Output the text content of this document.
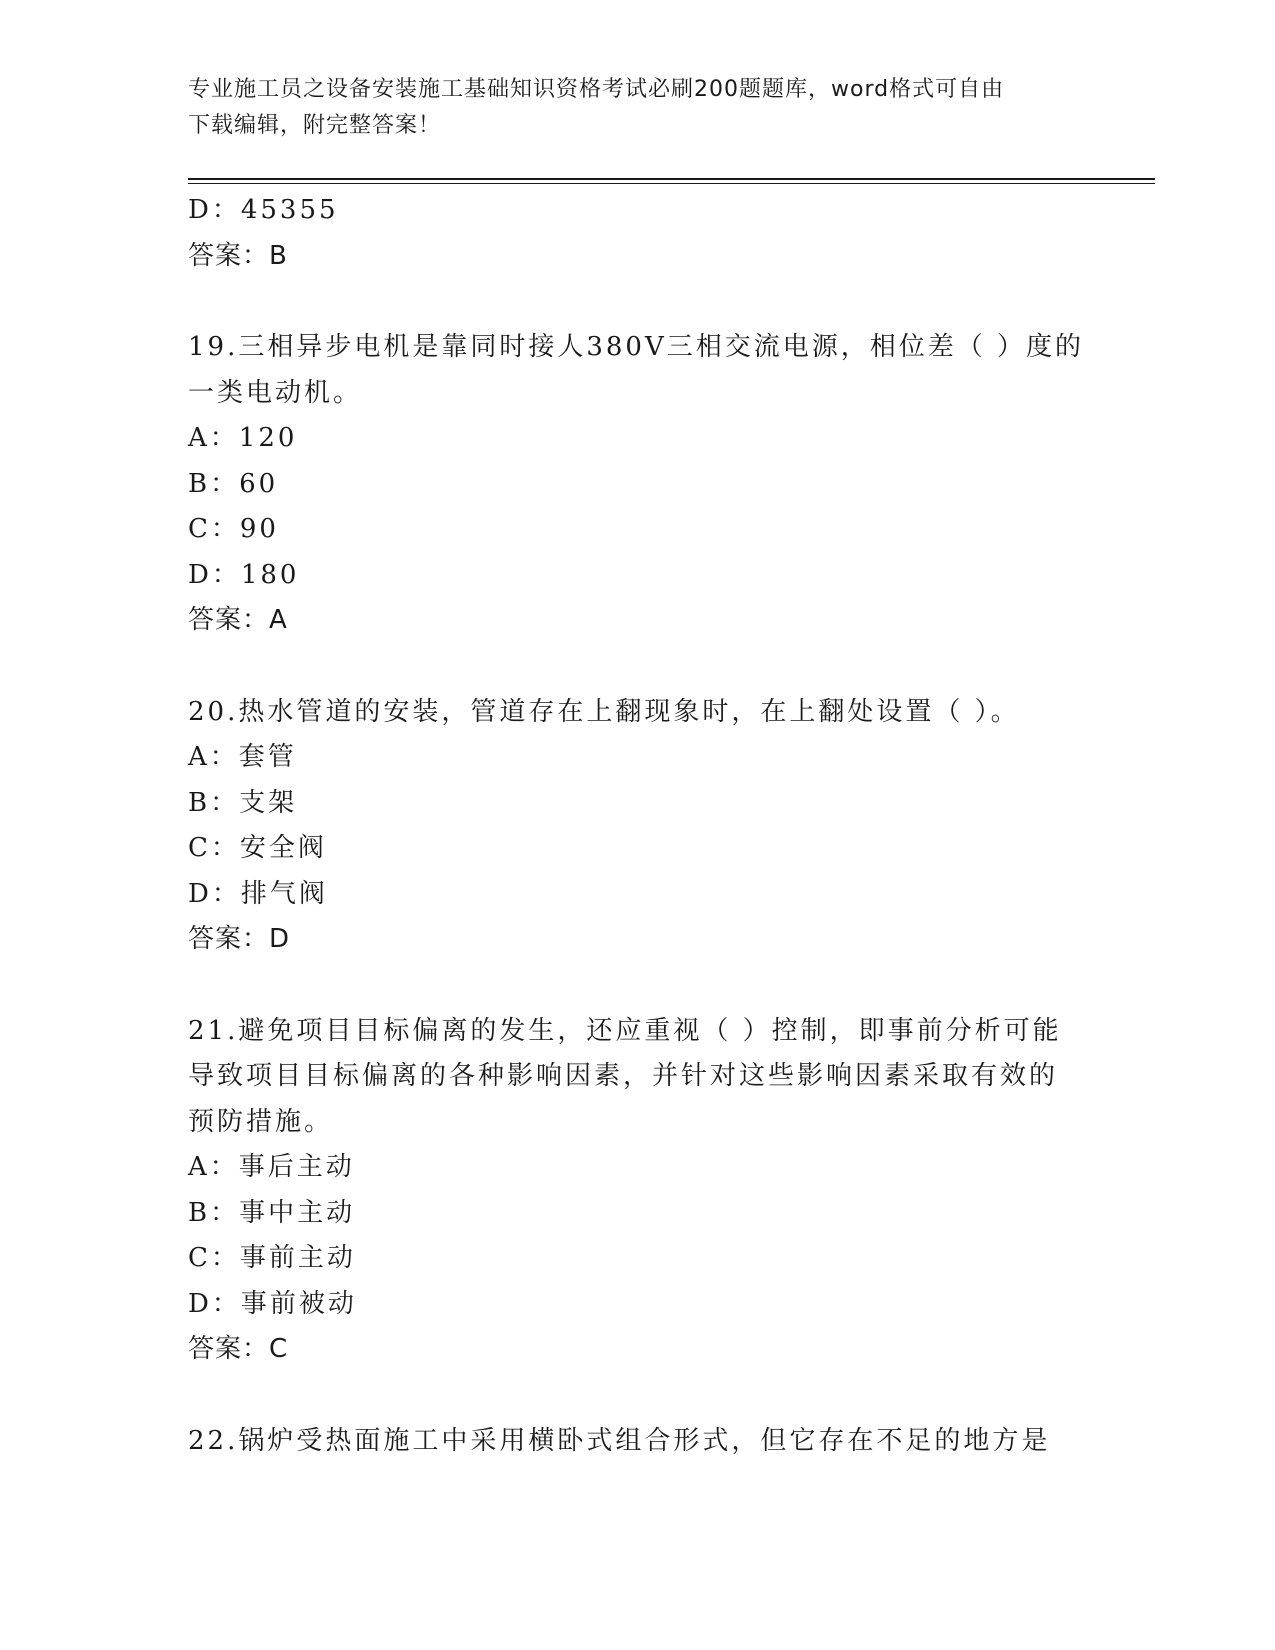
专业施工员之设备安装施工基础知识资格考试必刷200题题库，word格式可自由
下载编辑，附完整答案！
D：45355
答案：B
19.三相异步电机是靠同时接人380V三相交流电源，相位差（ ）度的
一类电动机。
A：120
B：60
C：90
D：180
答案：A
20.热水管道的安装，管道存在上翻现象时，在上翻处设置（ ）。
A：套管
B：支架
C：安全阀
D：排气阀
答案：D
21.避免项目目标偏离的发生，还应重视（ ）控制，即事前分析可能
导致项目目标偏离的各种影响因素，并针对这些影响因素采取有效的
预防措施。
A：事后主动
B：事中主动
C：事前主动
D：事前被动
答案：C
22.锅炉受热面施工中采用横卧式组合形式，但它存在不足的地方是
